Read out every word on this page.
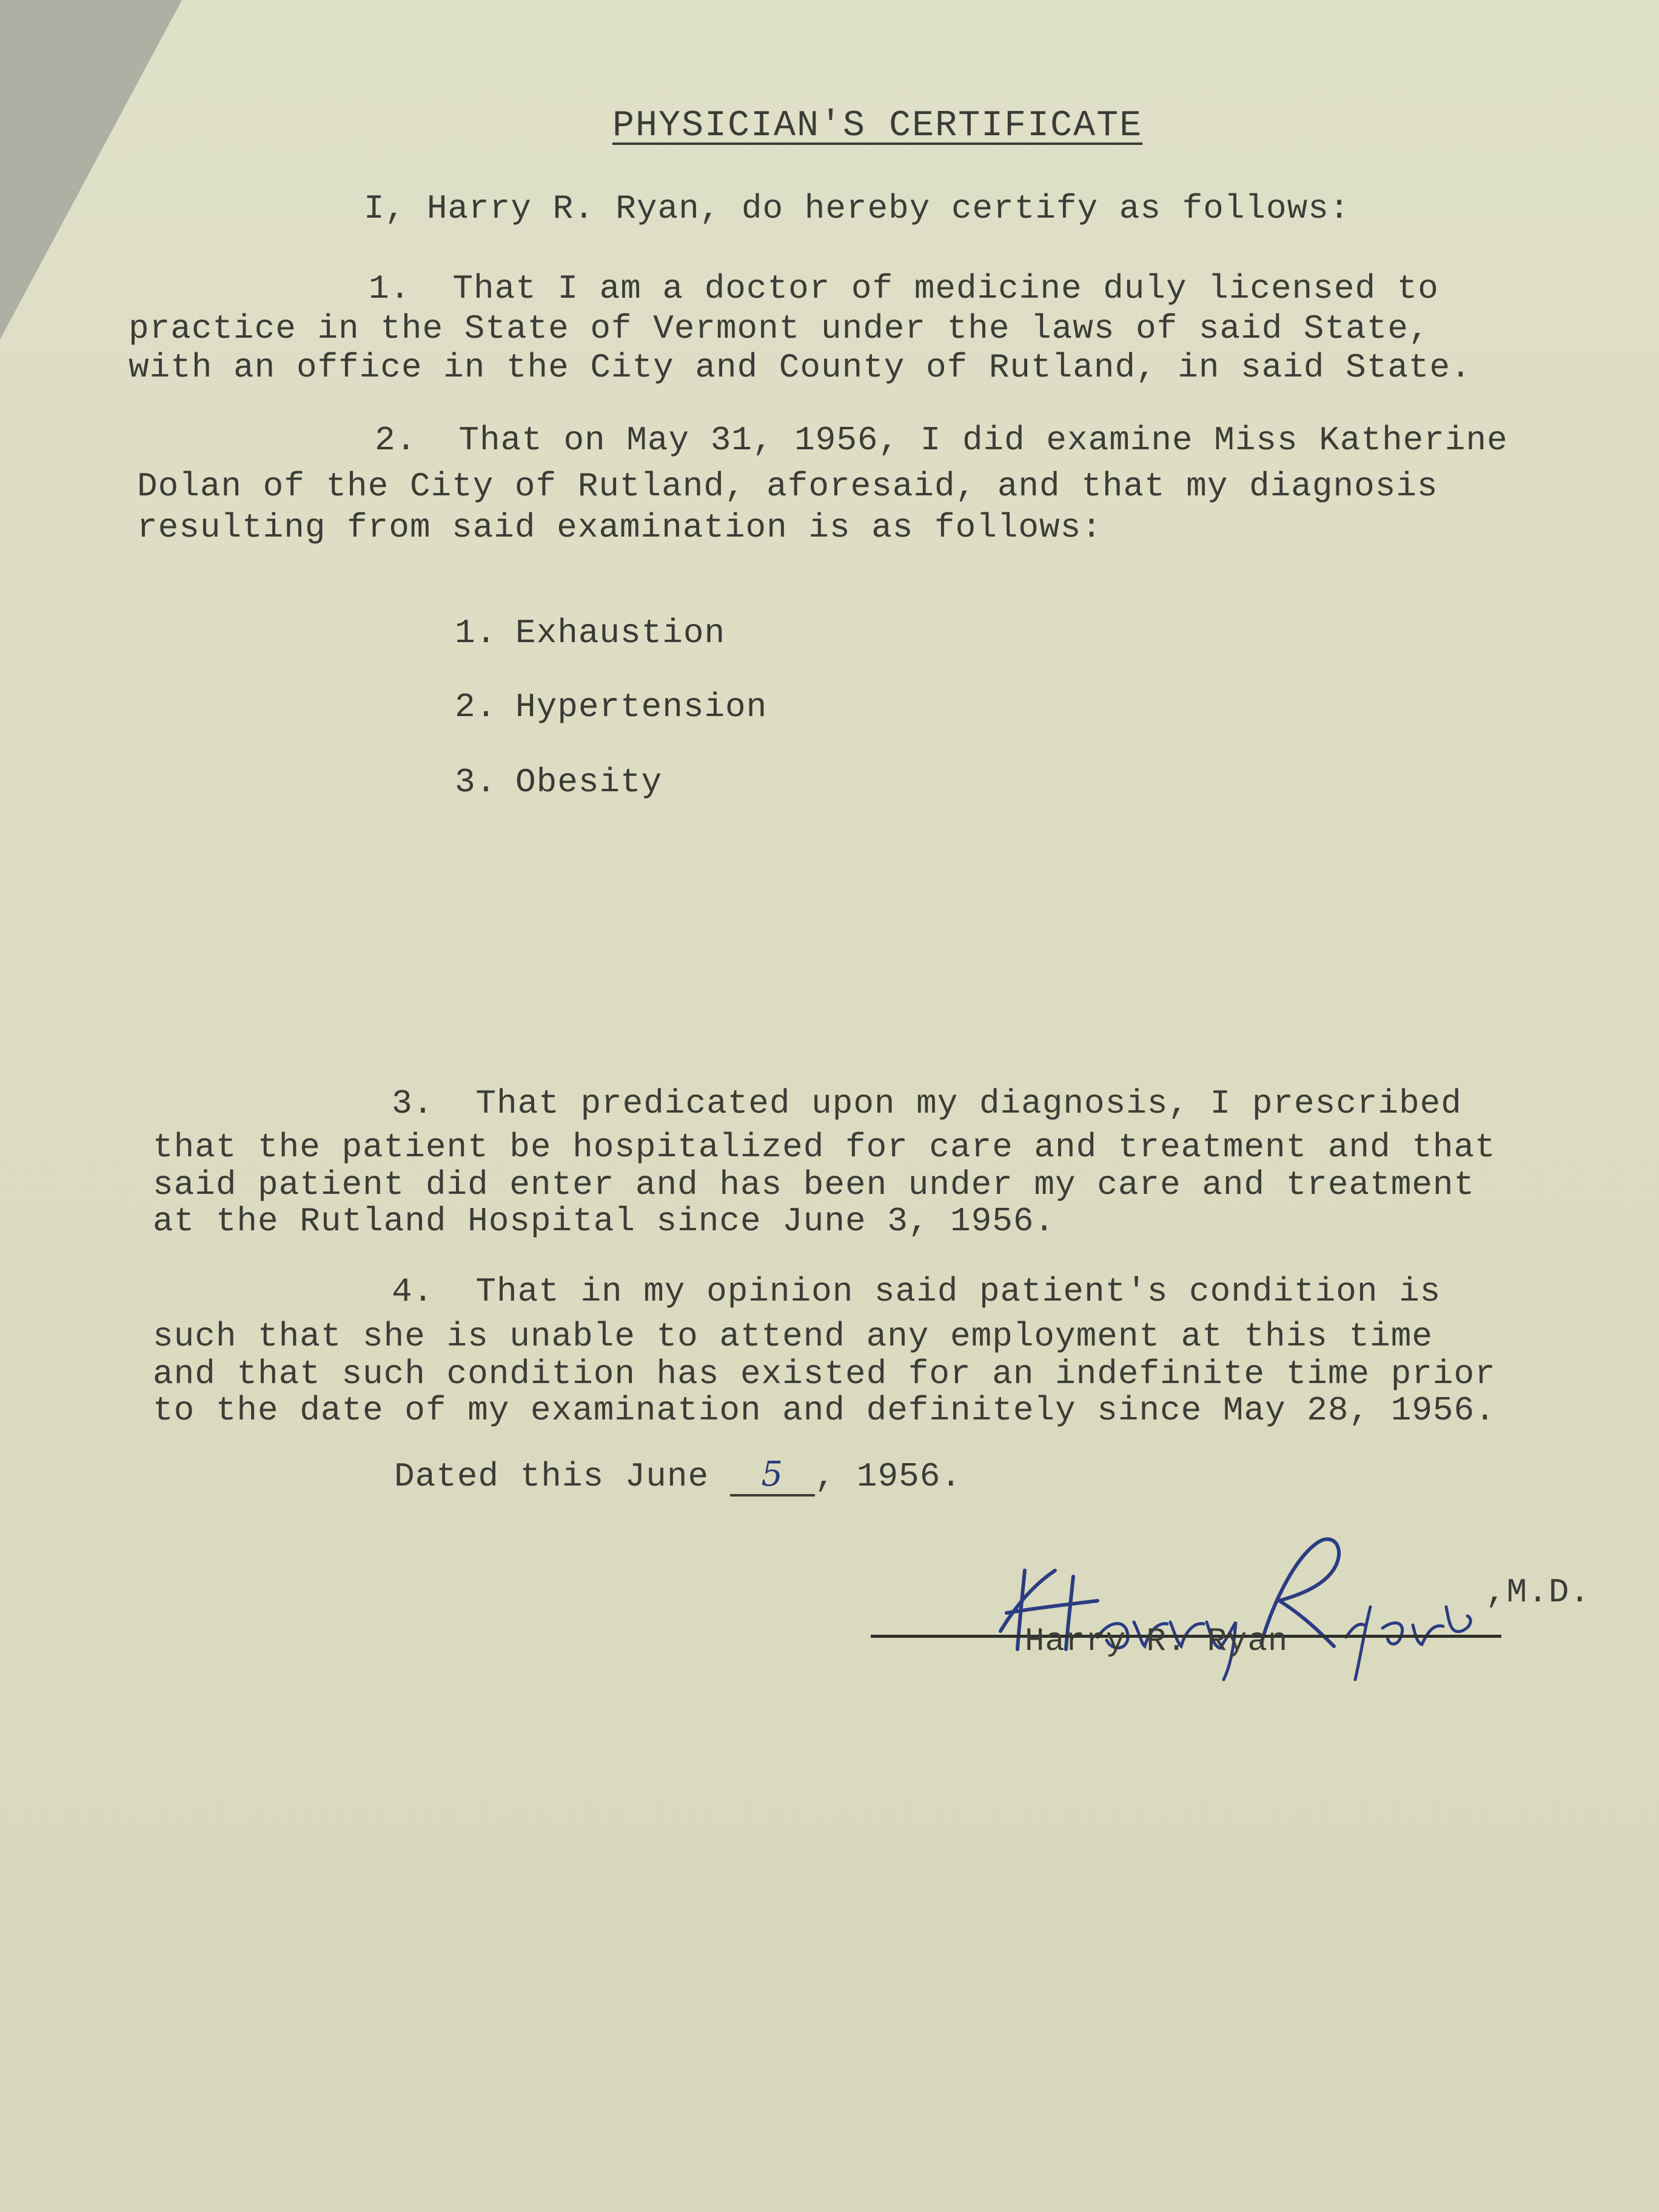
PHYSICIAN'S CERTIFICATE
I, Harry R. Ryan, do hereby certify as follows:
1.  That I am a doctor of medicine duly licensed to
practice in the State of Vermont under the laws of said State,
with an office in the City and County of Rutland, in said State.
2.  That on May 31, 1956, I did examine Miss Katherine
Dolan of the City of Rutland, aforesaid, and that my diagnosis
resulting from said examination is as follows:
1. Exhaustion
2. Hypertension
3. Obesity
3.  That predicated upon my diagnosis, I prescribed
that the patient be hospitalized for care and treatment and that
said patient did enter and has been under my care and treatment
at the Rutland Hospital since June 3, 1956.
4.  That in my opinion said patient's condition is
such that she is unable to attend any employment at this time
and that such condition has existed for an indefinite time prior
to the date of my examination and definitely since May 28, 1956.
Dated this June 5 , 1956.
,M.D.
Harry R. Ryan
